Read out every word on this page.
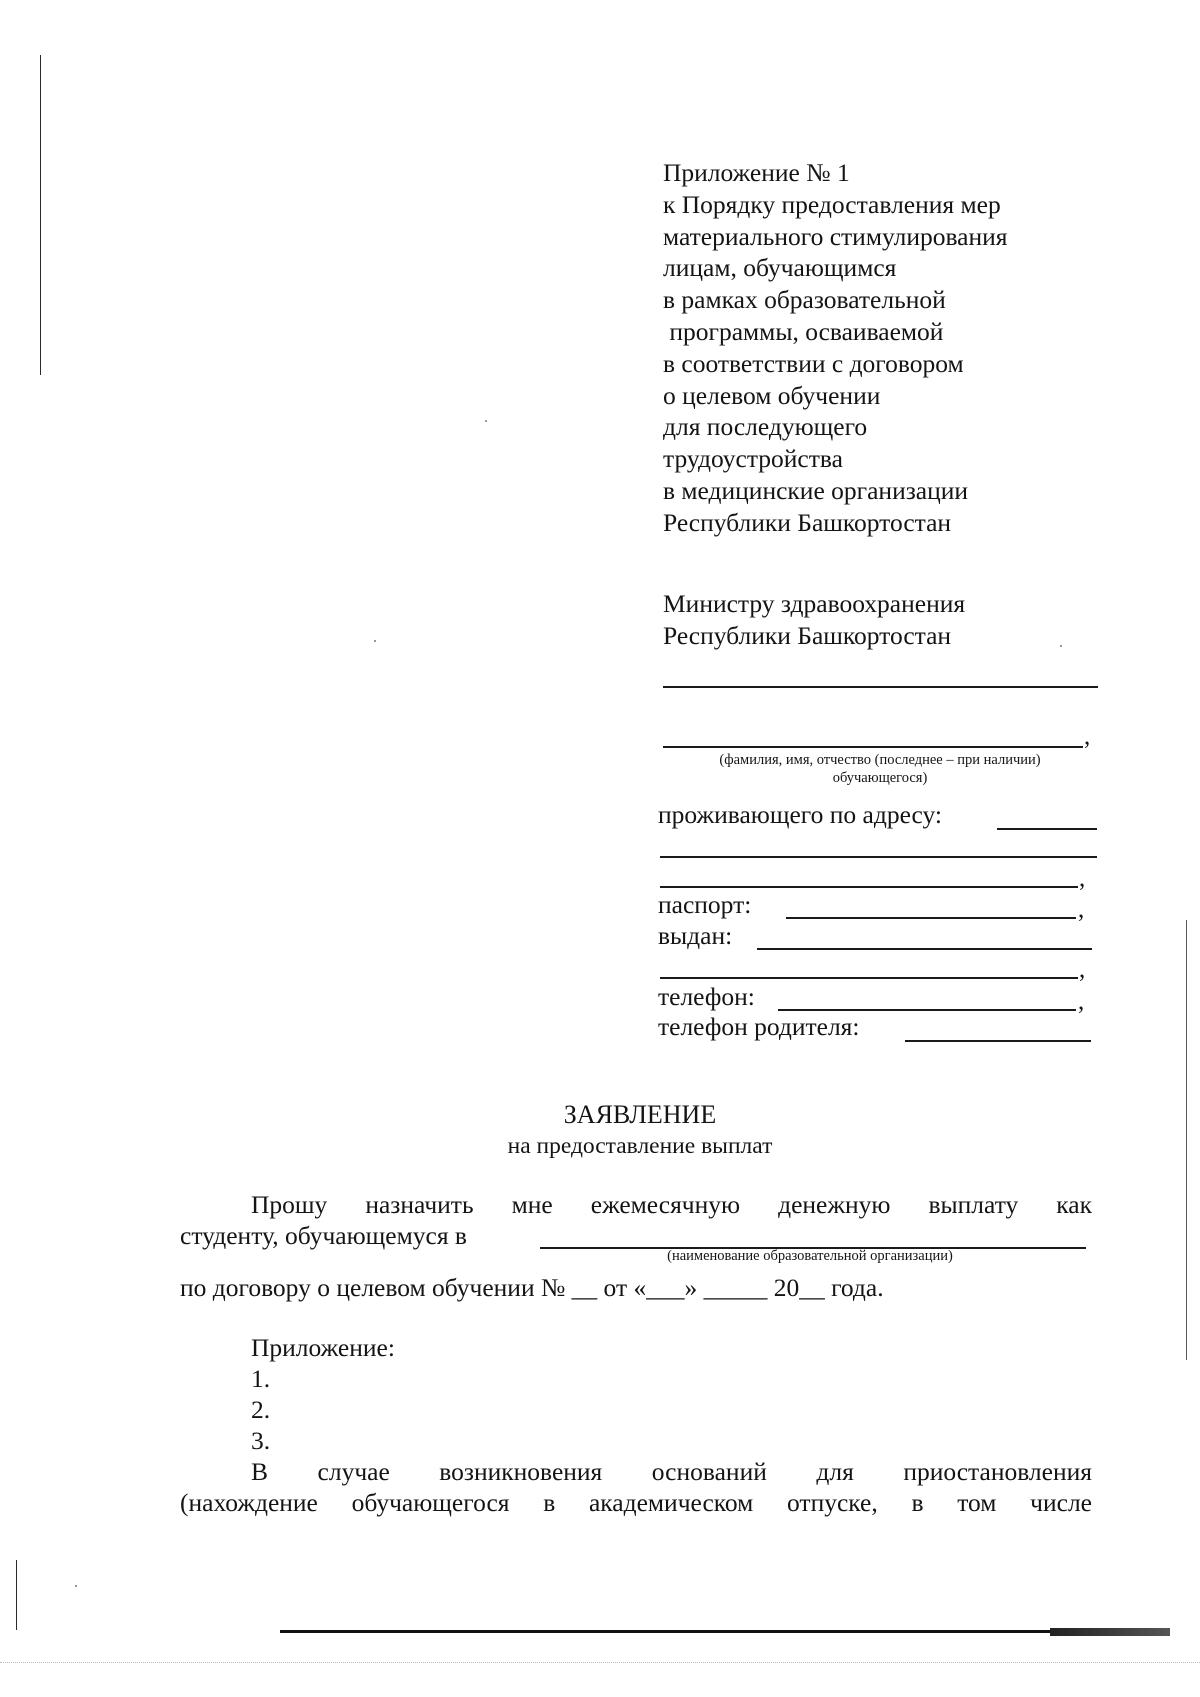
Приложение № 1
к Порядку предоставления мер
материального стимулирования
лицам, обучающимся
в рамках образовательной
программы, осваиваемой
в соответствии с договором
о целевом обучении
для последующего
трудоустройства
в медицинские организации
Республики Башкортостан
Министру здравоохранения
Республики Башкортостан
,
(фамилия, имя, отчество (последнее – при наличии)
обучающегося)
проживающего по адресу:
,
паспорт:	,
выдан:
,
телефон:	,
телефон родителя:
ЗАЯВЛЕНИЕ
на предоставление выплат
Прошу назначить мне ежемесячную денежную выплату как
студенту, обучающемуся в
(наименование образовательной организации)
по договору о целевом обучении № __ от «___» _____ 20__ года.
Приложение:
1.
2.
3.
В случае возникновения оснований для приостановления
(нахождение обучающегося в академическом отпуске, в том числе
